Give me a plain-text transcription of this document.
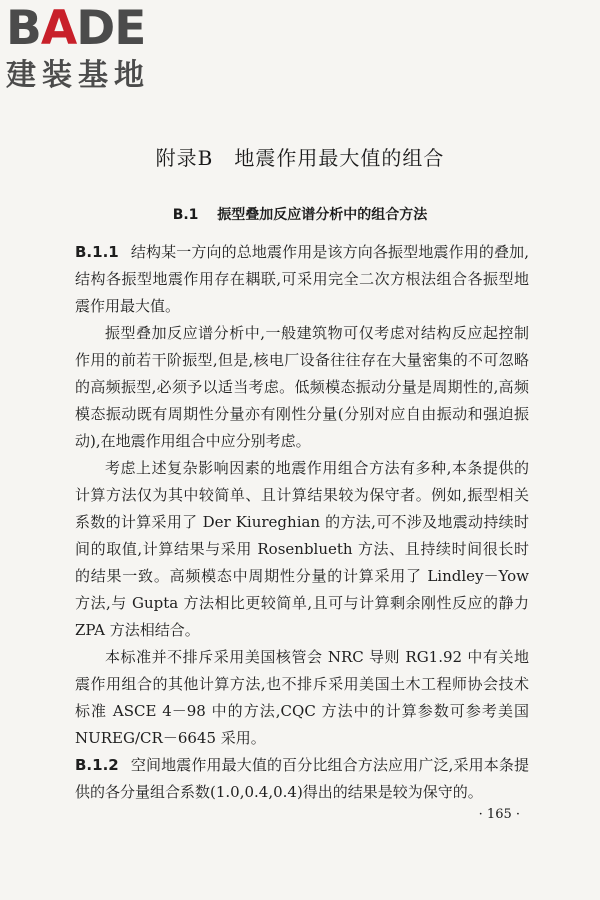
B A DE
建装基地
附录B　地震作用最大值的组合
B.1 振型叠加反应谱分析中的组合方法

B.1.1 结构某一方向的总地震作用是该方向各振型地震作用的叠加,结构各振型地震作用存在耦联,可采用完全二次方根法组合各振型地震作用最大值。

振型叠加反应谱分析中,一般建筑物可仅考虑对结构反应起控制作用的前若干阶振型,但是,核电厂设备往往存在大量密集的不可忽略的高频振型,必须予以适当考虑。低频模态振动分量是周期性的,高频模态振动既有周期性分量亦有刚性分量(分别对应自由振动和强迫振动),在地震作用组合中应分别考虑。

考虑上述复杂影响因素的地震作用组合方法有多种,本条提供的计算方法仅为其中较简单、且计算结果较为保守者。例如,振型相关系数的计算采用了 Der Kiureghian 的方法,可不涉及地震动持续时间的取值,计算结果与采用 Rosenblueth 方法、且持续时间很长时的结果一致。高频模态中周期性分量的计算采用了 Lindley－Yow 方法,与 Gupta 方法相比更较简单,且可与计算剩余刚性反应的静力 ZPA 方法相结合。

本标准并不排斥采用美国核管会 NRC 导则 RG1.92 中有关地震作用组合的其他计算方法,也不排斥采用美国土木工程师协会技术标准 ASCE 4－98 中的方法,CQC 方法中的计算参数可参考美国 NUREG/CR－6645 采用。

B.1.2 空间地震作用最大值的百分比组合方法应用广泛,采用本条提供的各分量组合系数(1.0,0.4,0.4)得出的结果是较为保守的。

· 165 ·
